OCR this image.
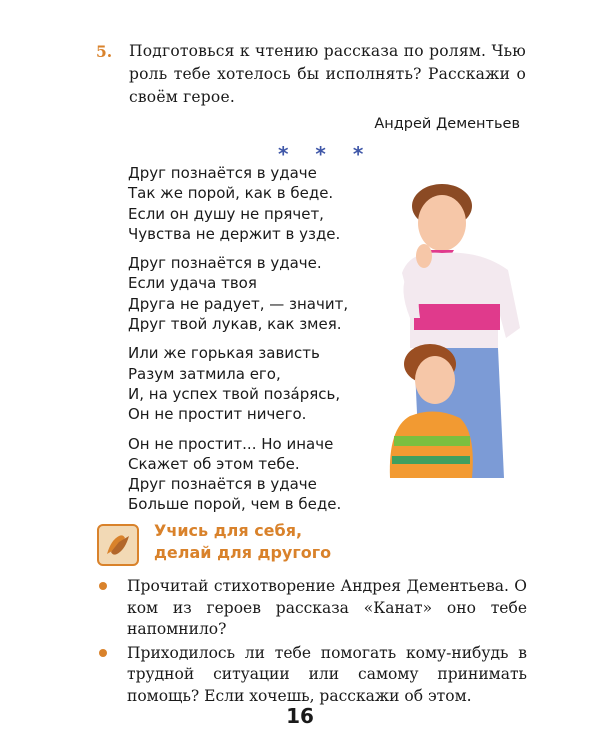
5. Подготовься к чтению рассказа по ролям. Чью роль тебе хотелось бы исполнять? Расскажи о своём герое.
Андрей Дементьев
* * *
Друг познаётся в удаче
Так же порой, как в беде.
Если он душу не прячет,
Чувства не держит в узде.
Друг познаётся в удаче.
Если удача твоя
Друга не радует, — значит,
Друг твой лукав, как змея.
Или же горькая зависть
Разум затмила его,
И, на успех твой поза́рясь,
Он не простит ничего.
Он не простит... Но иначе
Скажет об этом тебе.
Друг познаётся в удаче
Больше порой, чем в беде.
Учись для себя,
делай для другого
Прочитай стихотворение Андрея Дементьева. О ком из героев рассказа «Канат» оно тебе напомнило?
Приходилось ли тебе помогать кому-нибудь в трудной ситуации или самому принимать помощь? Если хочешь, расскажи об этом.
16
